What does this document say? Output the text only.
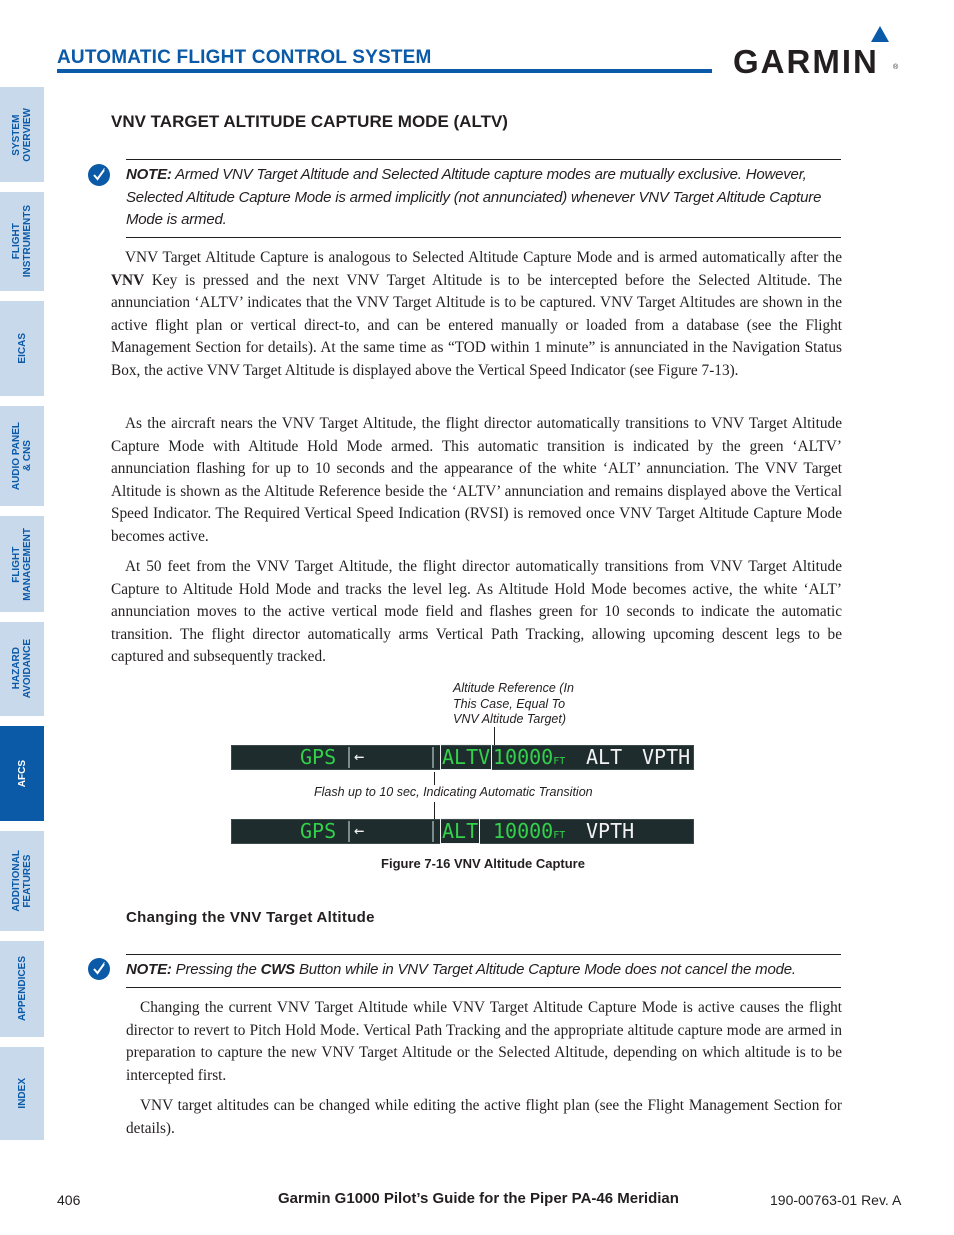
AUTOMATIC FLIGHT CONTROL SYSTEM	GARMIN ®
SYSTEM
OVERVIEW
FLIGHT
INSTRUMENTS
EICAS
AUDIO PANEL
& CNS
FLIGHT
MANAGEMENT
HAZARD
AVOIDANCE
AFCS
ADDITIONAL
FEATURES
APPENDICES
INDEX
VNV TARGET ALTITUDE CAPTURE MODE (ALTV)
NOTE: Armed VNV Target Altitude and Selected Altitude capture modes are mutually exclusive. However, Selected Altitude Capture Mode is armed implicitly (not annunciated) whenever VNV Target Altitude Capture Mode is armed.
VNV Target Altitude Capture is analogous to Selected Altitude Capture Mode and is armed automatically after the VNV Key is pressed and the next VNV Target Altitude is to be intercepted before the Selected Altitude. The annunciation ‘ALTV’ indicates that the VNV Target Altitude is to be captured. VNV Target Altitudes are shown in the active flight plan or vertical direct-to, and can be entered manually or loaded from a database (see the Flight Management Section for details). At the same time as “TOD within 1 minute” is annunciated in the Navigation Status Box, the active VNV Target Altitude is displayed above the Vertical Speed Indicator (see Figure 7-13).
As the aircraft nears the VNV Target Altitude, the flight director automatically transitions to VNV Target Altitude Capture Mode with Altitude Hold Mode armed. This automatic transition is indicated by the green ‘ALTV’ annunciation flashing for up to 10 seconds and the appearance of the white ‘ALT’ annunciation. The VNV Target Altitude is shown as the Altitude Reference beside the ‘ALTV’ annunciation and remains displayed above the Vertical Speed Indicator. The Required Vertical Speed Indication (RVSI) is removed once VNV Target Altitude Capture Mode becomes active.
At 50 feet from the VNV Target Altitude, the flight director automatically transitions from VNV Target Altitude Capture to Altitude Hold Mode and tracks the level leg. As Altitude Hold Mode becomes active, the white ‘ALT’ annunciation moves to the active vertical mode field and flashes green for 10 seconds to indicate the automatic transition. The flight director automatically arms Vertical Path Tracking, allowing upcoming descent legs to be captured and subsequently tracked.
Altitude Reference (In
This Case, Equal To
VNV Altitude Target)
GPS ←	ALTV 10000FT ALT VPTH
Flash up to 10 sec, Indicating Automatic Transition
GPS ←	ALT 10000FT VPTH
Figure 7-16 VNV Altitude Capture
Changing the VNV Target Altitude
NOTE: Pressing the CWS Button while in VNV Target Altitude Capture Mode does not cancel the mode.
Changing the current VNV Target Altitude while VNV Target Altitude Capture Mode is active causes the flight director to revert to Pitch Hold Mode. Vertical Path Tracking and the appropriate altitude capture mode are armed in preparation to capture the new VNV Target Altitude or the Selected Altitude, depending on which altitude is to be intercepted first.
VNV target altitudes can be changed while editing the active flight plan (see the Flight Management Section for details).
406	Garmin G1000 Pilot’s Guide for the Piper PA-46 Meridian	190-00763-01 Rev. A
